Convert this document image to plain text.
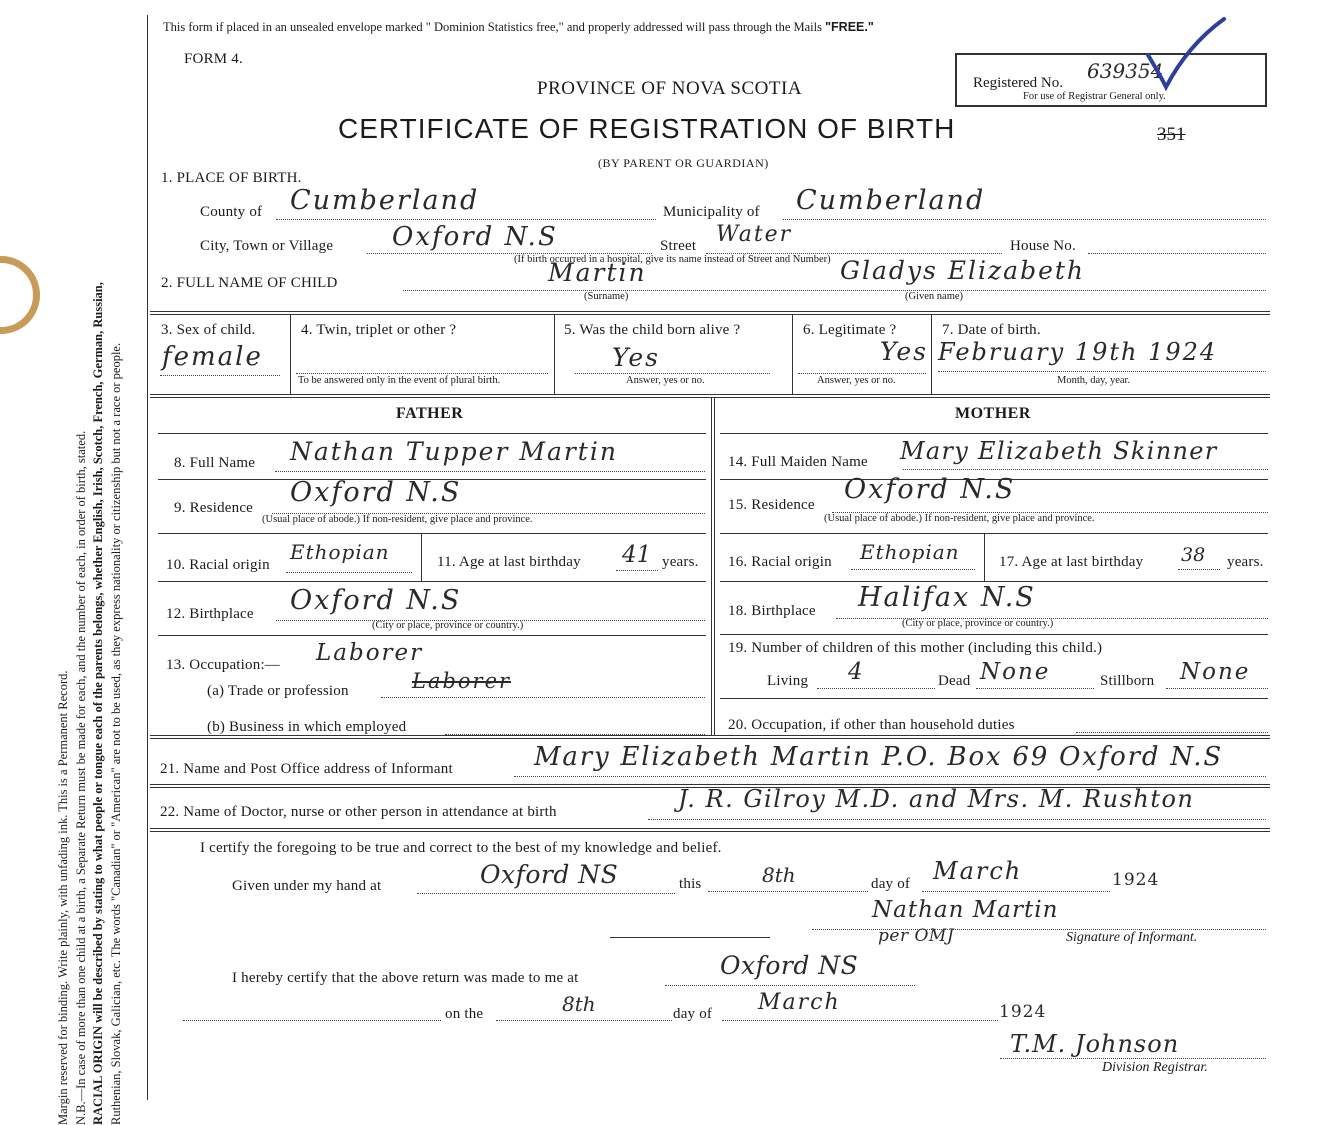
Margin reserved for binding. Write plainly, with unfading ink. This is a Permanent Record. N.B.—In case of more than one child at a birth, a Separate Return must be made for each, and the number of each, in order of birth, stated. RACIAL ORIGIN will be described by stating to what people or tongue each of the parents belongs, whether English, Irish, Scotch, French, German, Russian, Ruthenian, Slovak, Galician, etc. The words "Canadian" or "American" are not to be used, as they express nationality or citizenship but not a race or people.
This form if placed in an unsealed envelope marked " Dominion Statistics free," and properly addressed will pass through the Mails "FREE."
FORM 4.
PROVINCE OF NOVA SCOTIA
CERTIFICATE OF REGISTRATION OF BIRTH
(BY PARENT OR GUARDIAN)
Registered No. 639354
For use of Registrar General only.
351
1. PLACE OF BIRTH.
County of Cumberland	Municipality of Cumberland
City, Town or Village Oxford N.S	Street Water	House No.
(If birth occurred in a hospital, give its name instead of Street and Number)
2. FULL NAME OF CHILD	Martin
(Surname)
Gladys Elizabeth
(Given name)
3. Sex of child.
female
4. Twin, triplet or other ?
To be answered only in the event of plural birth.
5. Was the child born alive ?
Yes
Answer, yes or no.
6. Legitimate ?
Yes
Answer, yes or no.
7. Date of birth.
February 19th 1924
Month, day, year.
FATHER	MOTHER
8. Full Name Nathan Tupper Martin
9. Residence Oxford N.S
(Usual place of abode.) If non-resident, give place and province.
10. Racial origin
Ethopian	11. Age at last birthday 41 years.
12. Birthplace Oxford N.S
(City or place, province or country.)
13. Occupation:— Laborer
(a) Trade or profession	Laborer
(b) Business in which employed
14. Full Maiden Name Mary Elizabeth Skinner
15. Residence Oxford N.S
(Usual place of abode.) If non-resident, give place and province.
16. Racial origin Ethopian	17. Age at last birthday 38 years.
18. Birthplace Halifax N.S
(City or place, province or country.)
19. Number of children of this mother (including this child.)
Living 4	Dead None	Stillborn None
20. Occupation, if other than household duties
21. Name and Post Office address of Informant	Mary Elizabeth Martin P.O. Box 69 Oxford N.S
22. Name of Doctor, nurse or other person in attendance at birth	J. R. Gilroy M.D. and Mrs. M. Rushton
I certify the foregoing to be true and correct to the best of my knowledge and belief.
Given under my hand at	Oxford NS	this	8th	day of March	1924
Nathan Martin
per OMJ	Signature of Informant.
I hereby certify that the above return was made to me at	Oxford NS
on the	8th	day of March	1924
T.M. Johnson
Division Registrar.
